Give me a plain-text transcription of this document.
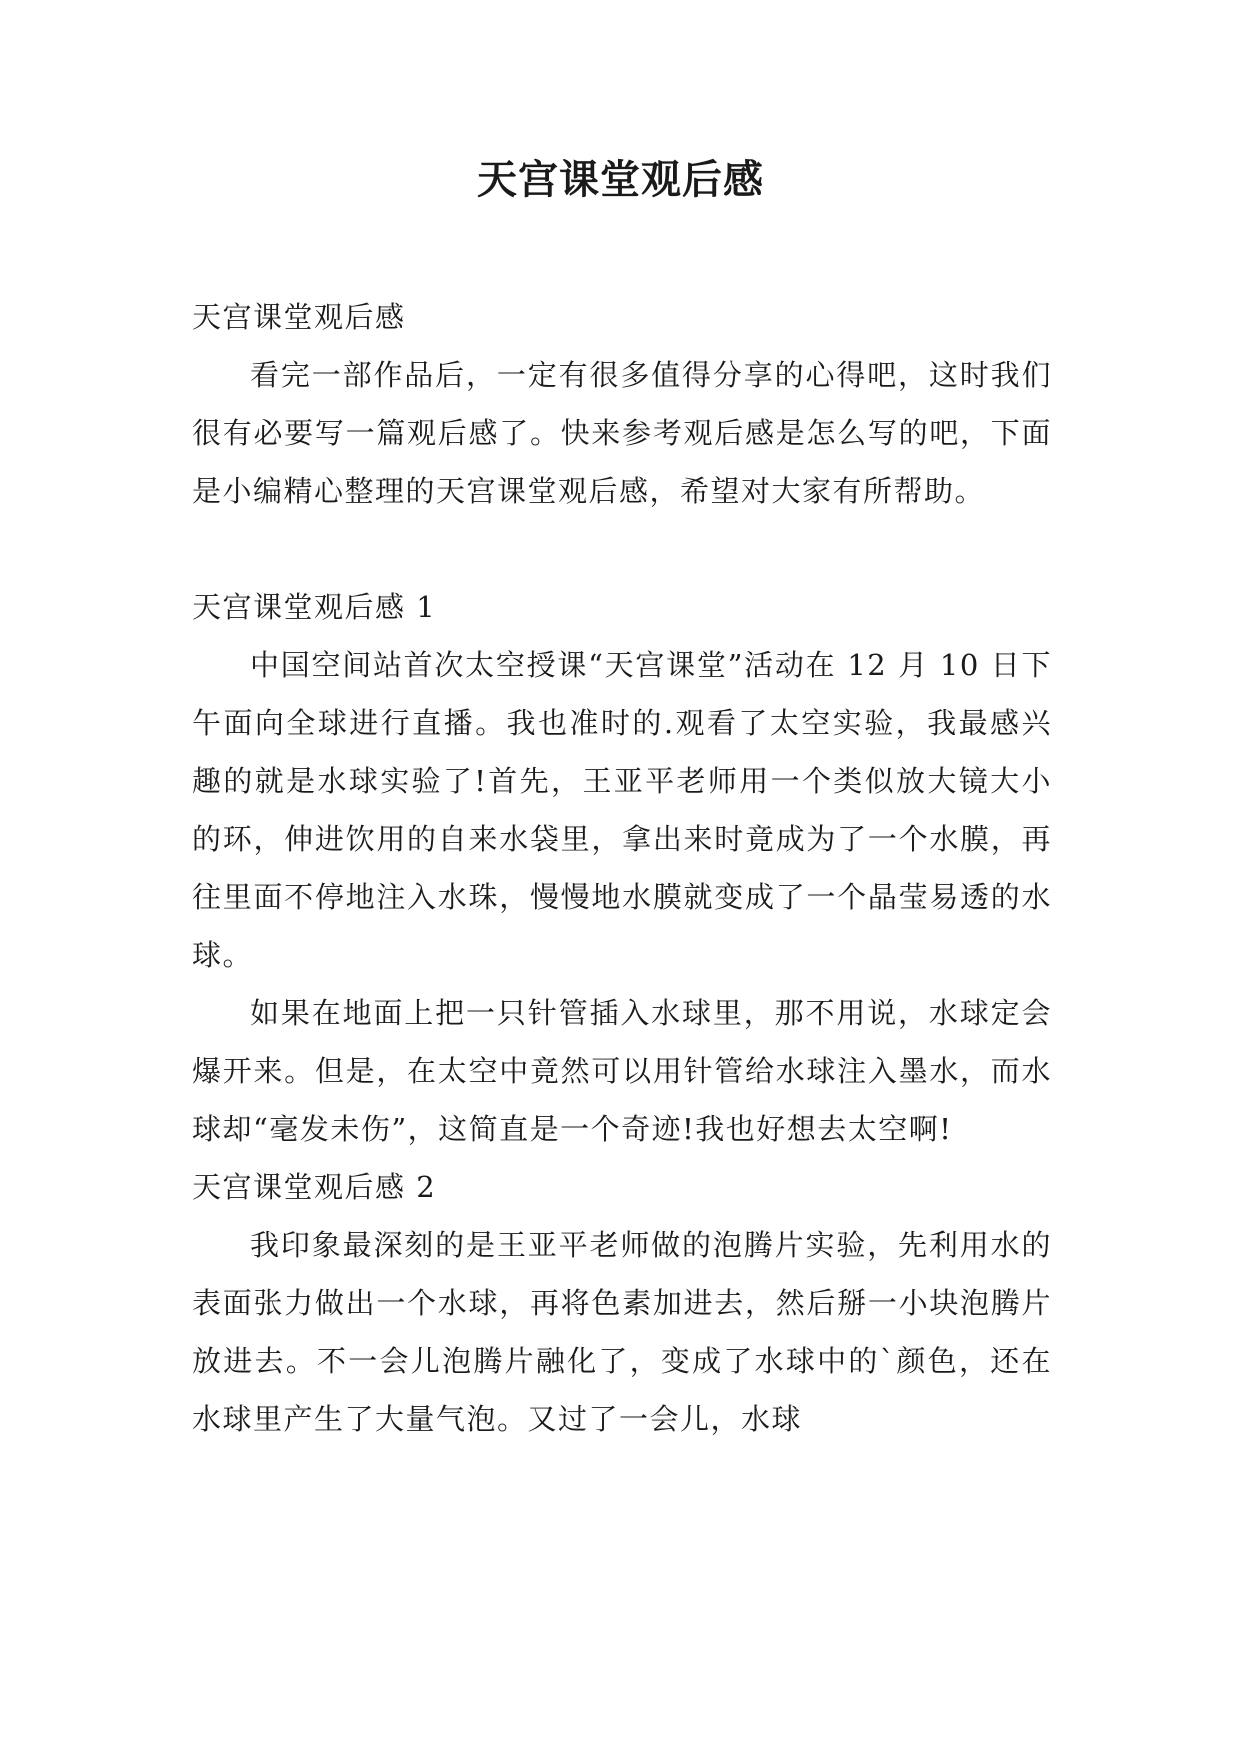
天宫课堂观后感

天宫课堂观后感

看完一部作品后，一定有很多值得分享的心得吧，这时我们很有必要写一篇观后感了。快来参考观后感是怎么写的吧，下面是小编精心整理的天宫课堂观后感，希望对大家有所帮助。

天宫课堂观后感 1

中国空间站首次太空授课“天宫课堂”活动在 12 月 10 日下午面向全球进行直播。我也准时的.观看了太空实验，我最感兴趣的就是水球实验了!首先，王亚平老师用一个类似放大镜大小的环，伸进饮用的自来水袋里，拿出来时竟成为了一个水膜，再往里面不停地注入水珠，慢慢地水膜就变成了一个晶莹易透的水球。

如果在地面上把一只针管插入水球里，那不用说，水球定会爆开来。但是，在太空中竟然可以用针管给水球注入墨水，而水球却“毫发未伤”，这简直是一个奇迹!我也好想去太空啊!

天宫课堂观后感 2

我印象最深刻的是王亚平老师做的泡腾片实验，先利用水的表面张力做出一个水球，再将色素加进去，然后掰一小块泡腾片放进去。不一会儿泡腾片融化了，变成了水球中的`颜色，还在水球里产生了大量气泡。又过了一会儿，水球
